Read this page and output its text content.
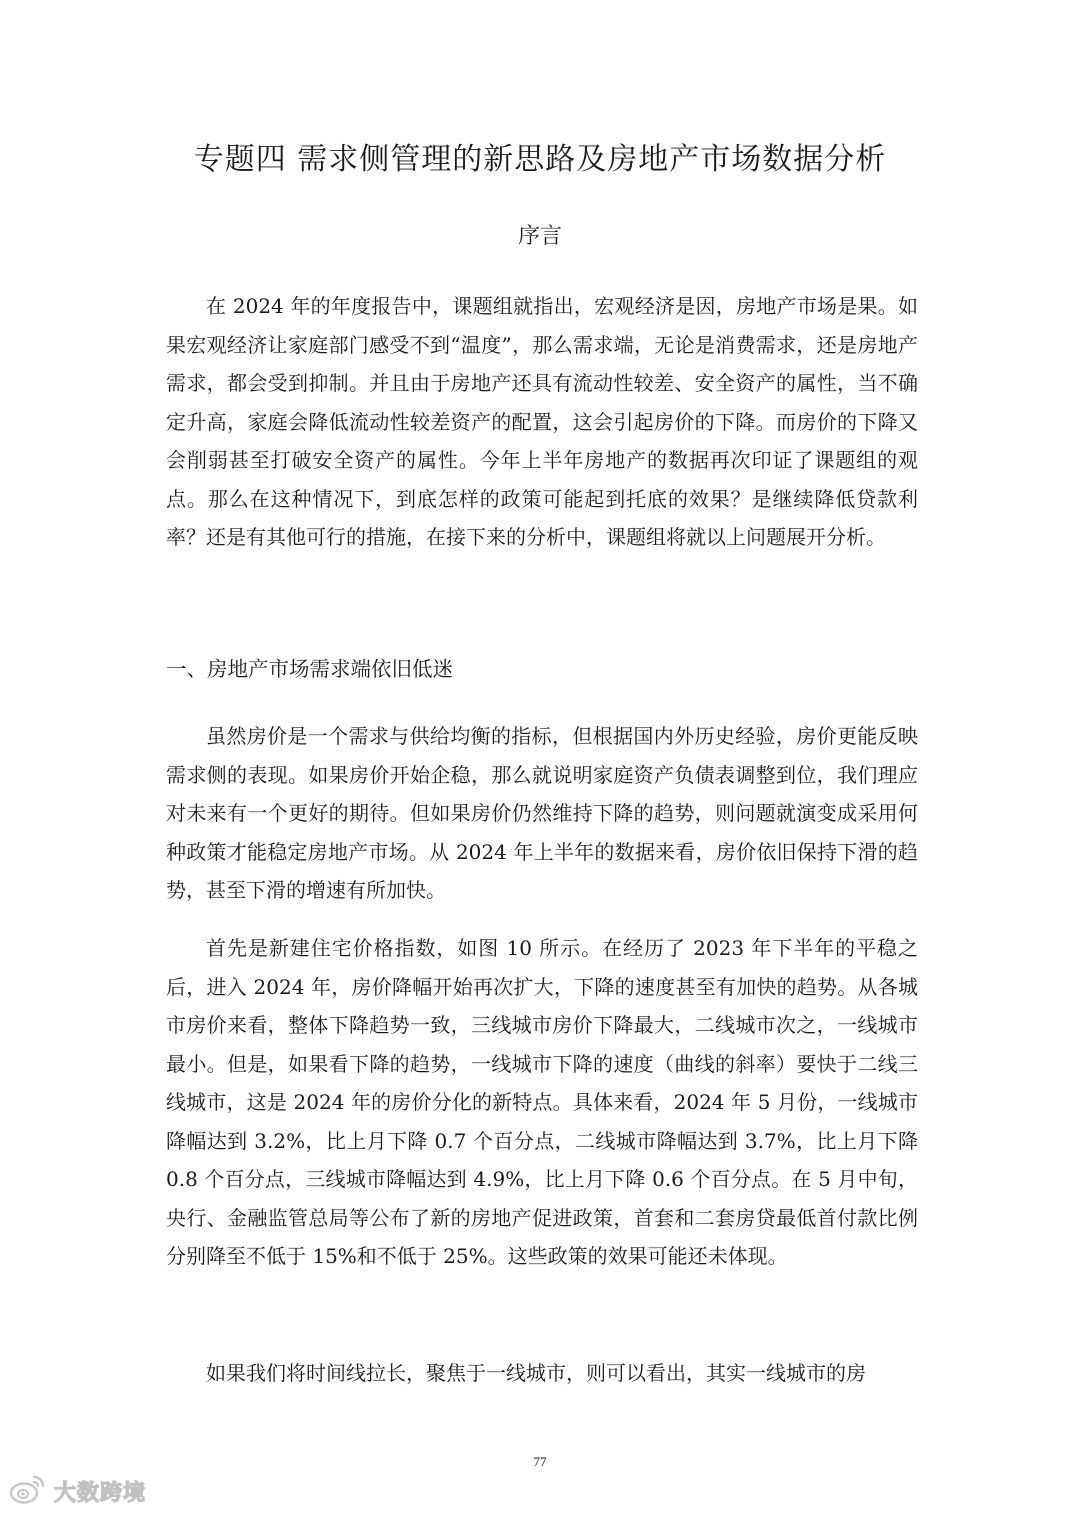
专题四 需求侧管理的新思路及房地产市场数据分析
序言

在 2024 年的年度报告中，课题组就指出，宏观经济是因，房地产市场是果。如果宏观经济让家庭部门感受不到“温度”，那么需求端，无论是消费需求，还是房地产需求，都会受到抑制。并且由于房地产还具有流动性较差、安全资产的属性，当不确定升高，家庭会降低流动性较差资产的配置，这会引起房价的下降。而房价的下降又会削弱甚至打破安全资产的属性。今年上半年房地产的数据再次印证了课题组的观点。那么在这种情况下，到底怎样的政策可能起到托底的效果？是继续降低贷款利率？还是有其他可行的措施，在接下来的分析中，课题组将就以上问题展开分析。

一、房地产市场需求端依旧低迷

虽然房价是一个需求与供给均衡的指标，但根据国内外历史经验，房价更能反映需求侧的表现。如果房价开始企稳，那么就说明家庭资产负债表调整到位，我们理应对未来有一个更好的期待。但如果房价仍然维持下降的趋势，则问题就演变成采用何种政策才能稳定房地产市场。从 2024 年上半年的数据来看，房价依旧保持下滑的趋势，甚至下滑的增速有所加快。

首先是新建住宅价格指数，如图 10 所示。在经历了 2023 年下半年的平稳之后，进入 2024 年，房价降幅开始再次扩大，下降的速度甚至有加快的趋势。从各城市房价来看，整体下降趋势一致，三线城市房价下降最大，二线城市次之，一线城市最小。但是，如果看下降的趋势，一线城市下降的速度（曲线的斜率）要快于二线三线城市，这是 2024 年的房价分化的新特点。具体来看，2024 年 5 月份，一线城市降幅达到 3.2%，比上月下降 0.7 个百分点，二线城市降幅达到 3.7%，比上月下降 0.8 个百分点，三线城市降幅达到 4.9%，比上月下降 0.6 个百分点。在 5 月中旬，央行、金融监管总局等公布了新的房地产促进政策，首套和二套房贷最低首付款比例分别降至不低于 15%和不低于 25%。这些政策的效果可能还未体现。

如果我们将时间线拉长，聚焦于一线城市，则可以看出，其实一线城市的房

77
大数跨境
